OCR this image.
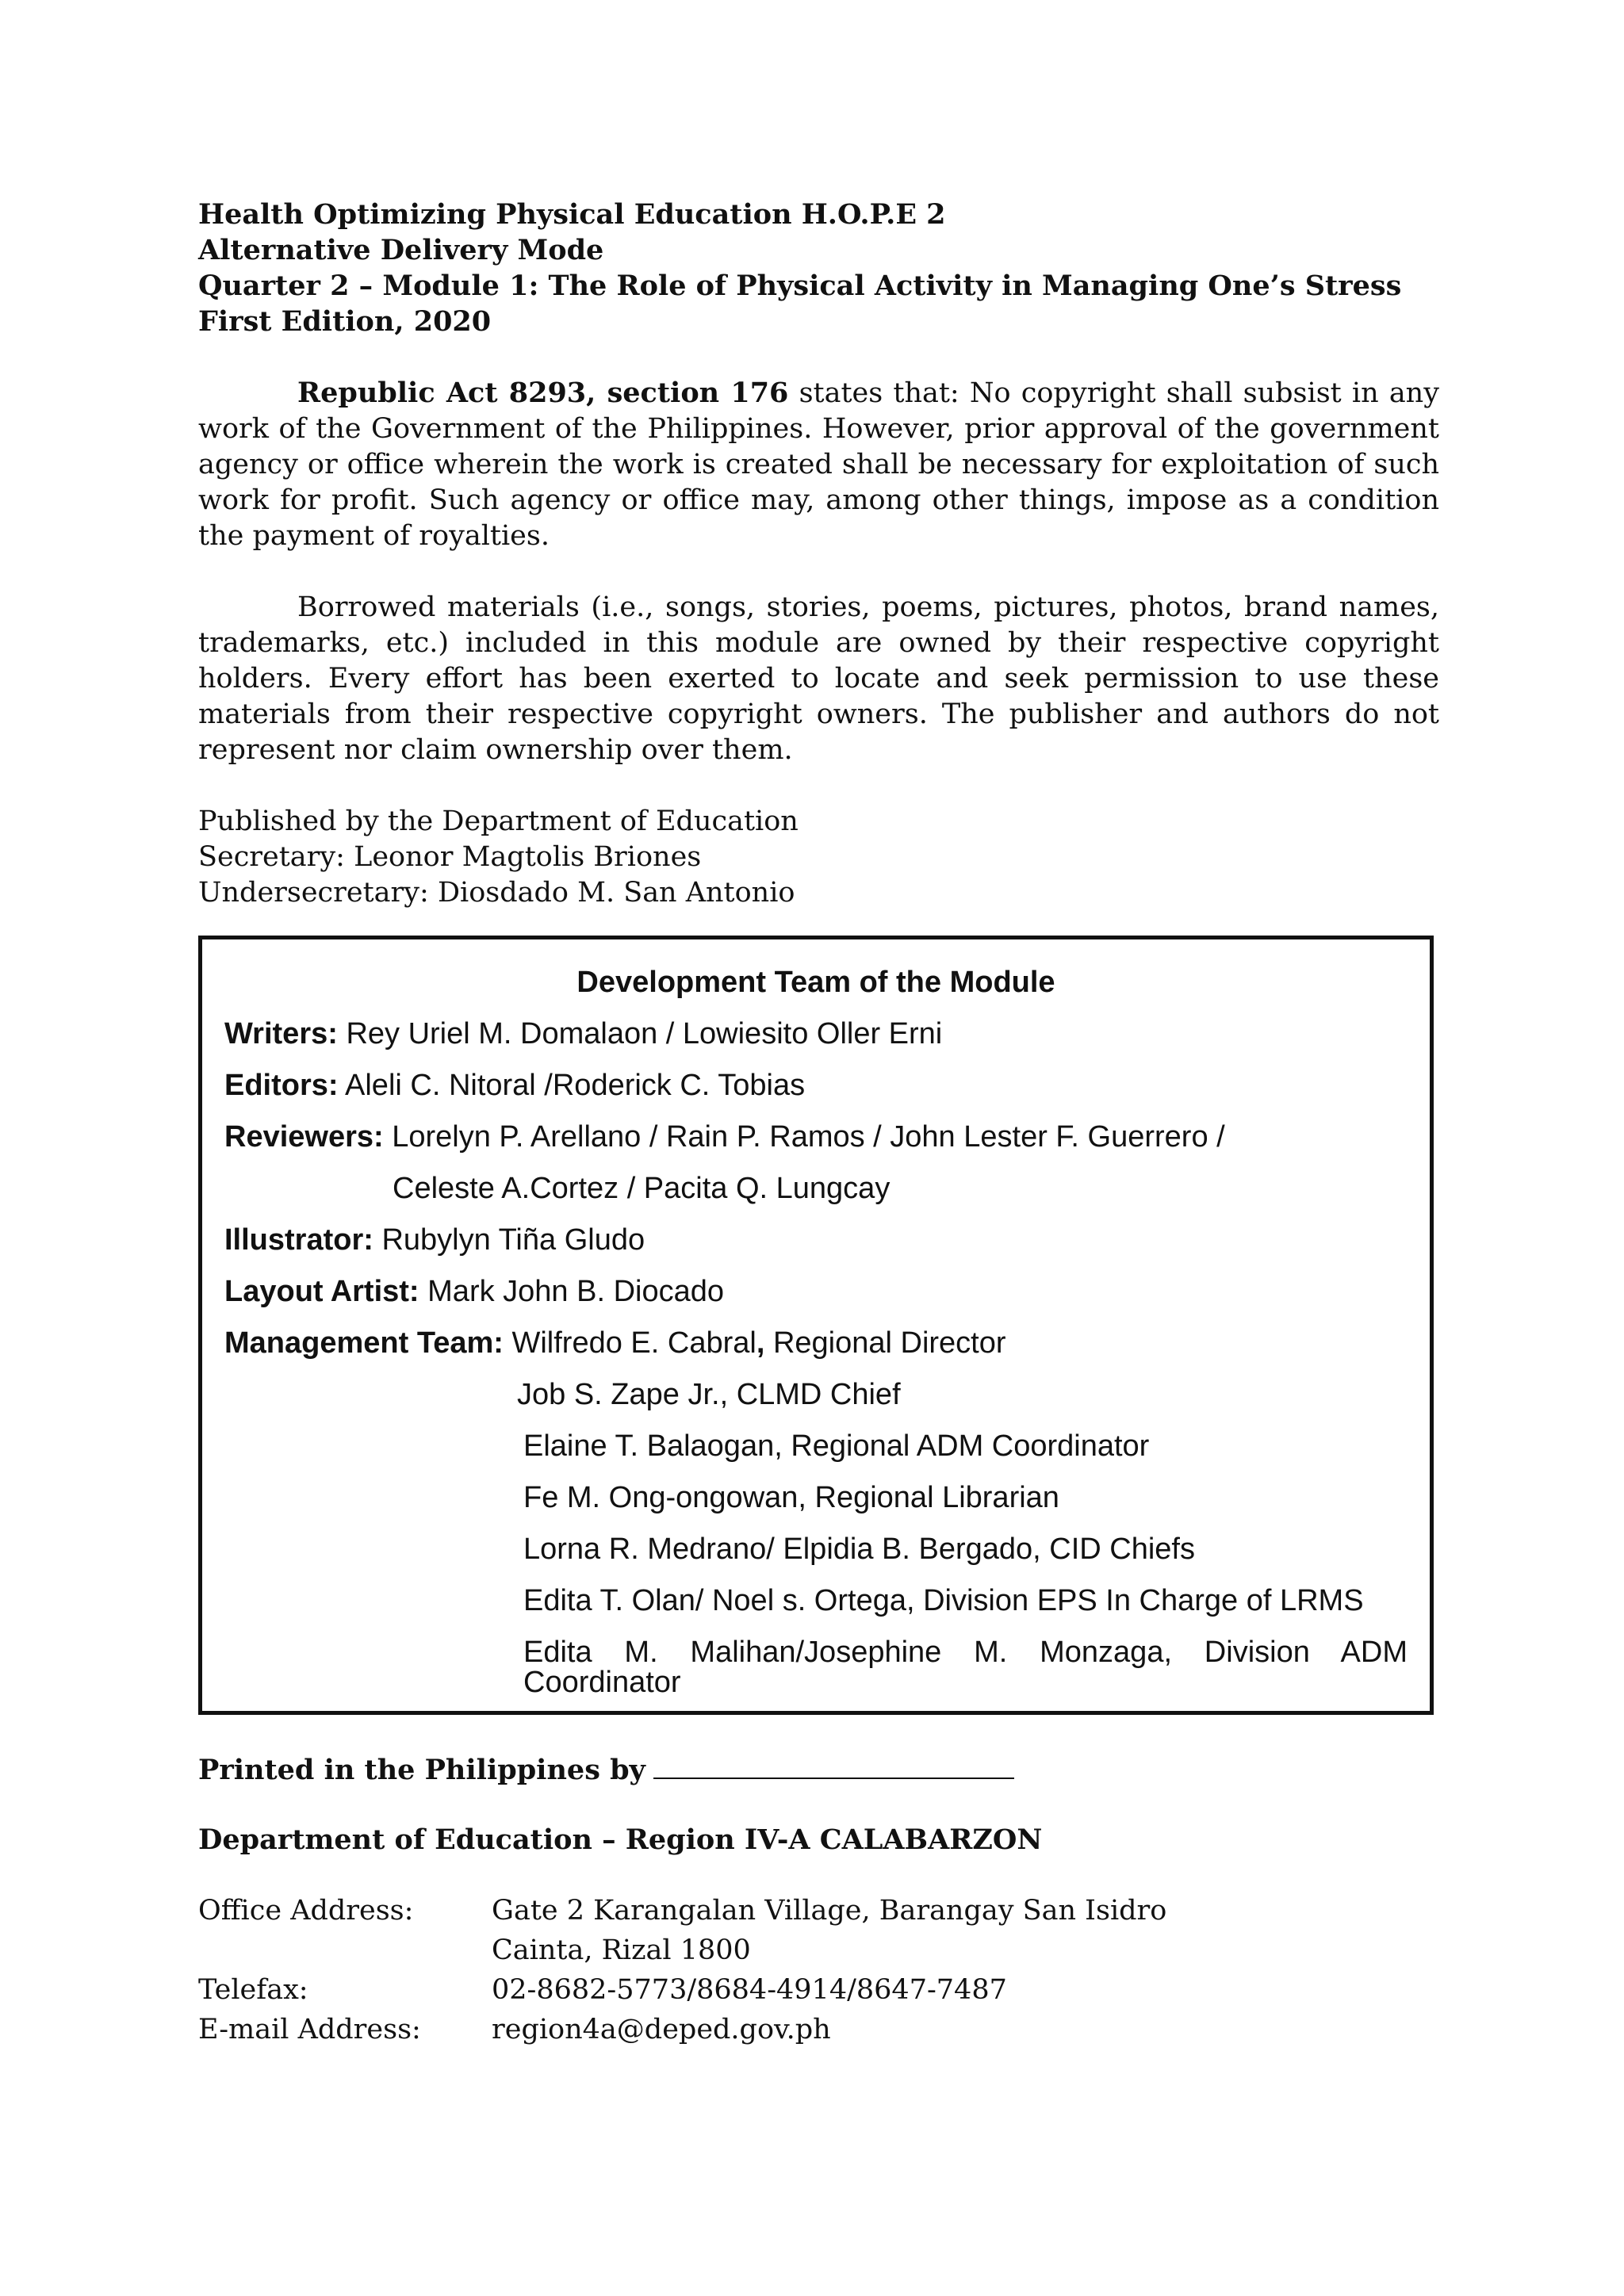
Health Optimizing Physical Education H.O.P.E 2
Alternative Delivery Mode
Quarter 2 – Module 1: The Role of Physical Activity in Managing One’s Stress
First Edition, 2020

Republic Act 8293, section 176 states that: No copyright shall subsist in any work of the Government of the Philippines. However, prior approval of the government agency or office wherein the work is created shall be necessary for exploitation of such work for profit. Such agency or office may, among other things, impose as a condition the payment of royalties.

Borrowed materials (i.e., songs, stories, poems, pictures, photos, brand names, trademarks, etc.) included in this module are owned by their respective copyright holders. Every effort has been exerted to locate and seek permission to use these materials from their respective copyright owners. The publisher and authors do not represent nor claim ownership over them.

Published by the Department of Education
Secretary: Leonor Magtolis Briones
Undersecretary: Diosdado M. San Antonio
Development Team of the Module
Writers: Rey Uriel M. Domalaon / Lowiesito Oller Erni
Editors: Aleli C. Nitoral /Roderick C. Tobias
Reviewers: Lorelyn P. Arellano / Rain P. Ramos / John Lester F. Guerrero /
Celeste A.Cortez / Pacita Q. Lungcay
Illustrator: Rubylyn Tiña Gludo
Layout Artist: Mark John B. Diocado
Management Team: Wilfredo E. Cabral, Regional Director
Job S. Zape Jr., CLMD Chief
Elaine T. Balaogan, Regional ADM Coordinator
Fe M. Ong-ongowan, Regional Librarian
Lorna R. Medrano/ Elpidia B. Bergado, CID Chiefs
Edita T. Olan/ Noel s. Ortega, Division EPS In Charge of LRMS
Edita M. Malihan/Josephine M. Monzaga, Division ADM
Coordinator
Printed in the Philippines by
Department of Education – Region IV-A CALABARZON
Office Address:	Gate 2 Karangalan Village, Barangay San Isidro
Cainta, Rizal 1800
Telefax:	02-8682-5773/8684-4914/8647-7487
E-mail Address:	region4a@deped.gov.ph
